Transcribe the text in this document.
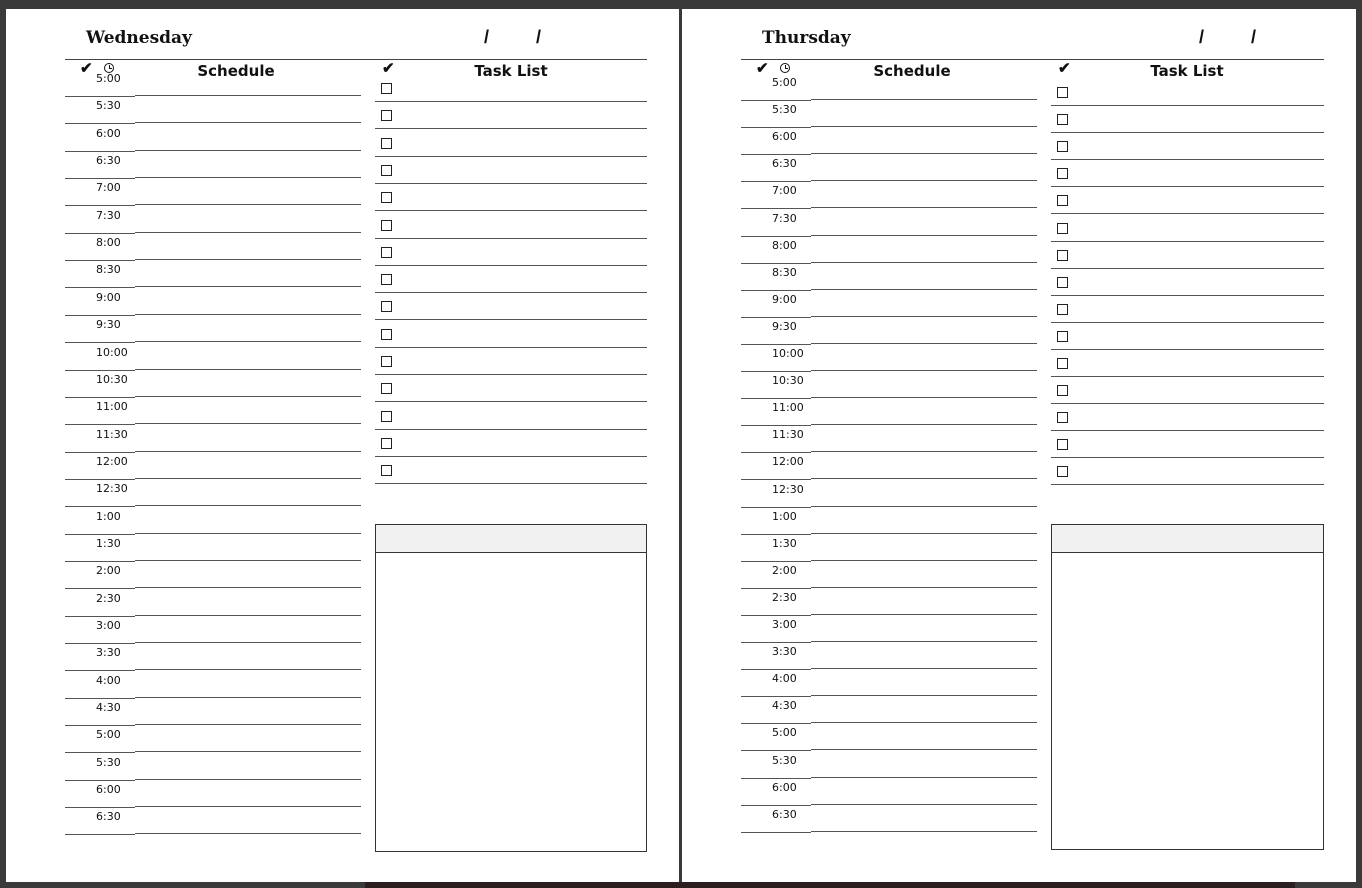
Wednesday	/	/
✔	Schedule	✔	Task List
5:00
5:30
6:00
6:30
7:00
7:30
8:00
8:30
9:00
9:30
10:00
10:30
11:00
11:30
12:00
12:30
1:00
1:30
2:00
2:30
3:00
3:30
4:00
4:30
5:00
5:30
6:00
6:30
Thursday	/	/
✔	Schedule	✔	Task List
5:00
5:30
6:00
6:30
7:00
7:30
8:00
8:30
9:00
9:30
10:00
10:30
11:00
11:30
12:00
12:30
1:00
1:30
2:00
2:30
3:00
3:30
4:00
4:30
5:00
5:30
6:00
6:30
